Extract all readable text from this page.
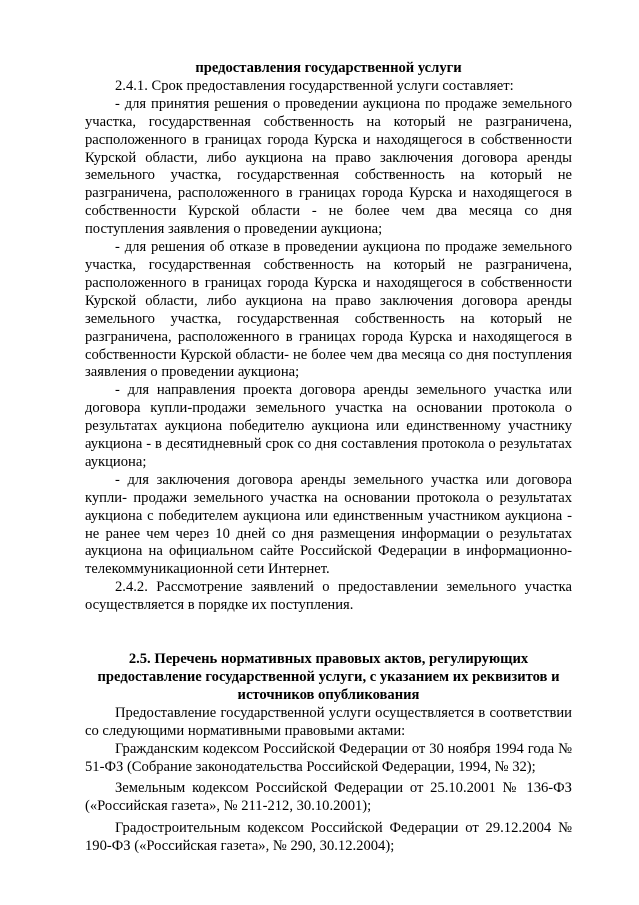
предоставления государственной услуги

2.4.1. Срок предоставления государственной услуги составляет:

- для принятия решения о проведении аукциона по продаже земельного участка, государственная собственность на который не разграничена, расположенного в границах города Курска и находящегося в собственности Курской области, либо аукциона на право заключения договора аренды земельного участка, государственная собственность на который не разграничена, расположенного в границах города Курска и находящегося в собственности Курской области - не более чем два месяца со дня поступления заявления о проведении аукциона;

- для решения об отказе в проведении аукциона по продаже земельного участка, государственная собственность на который не разграничена, расположенного в границах города Курска и находящегося в собственности Курской области, либо аукциона на право заключения договора аренды земельного участка, государственная собственность на который не разграничена, расположенного в границах города Курска и находящегося в собственности Курской области- не более чем два месяца со дня поступления заявления о проведении аукциона;

- для направления проекта договора аренды земельного участка или договора купли-продажи земельного участка на основании протокола о результатах аукциона победителю аукциона или единственному участнику аукциона - в десятидневный срок со дня составления протокола о результатах аукциона;

- для заключения договора аренды земельного участка или договора купли- продажи земельного участка на основании протокола о результатах аукциона с победителем аукциона или единственным участником аукциона - не ранее чем через 10 дней со дня размещения информации о результатах аукциона на официальном сайте Российской Федерации в информационно-телекоммуникационной сети Интернет.

2.4.2. Рассмотрение заявлений о предоставлении земельного участка осуществляется в порядке их поступления.

2.5. Перечень нормативных правовых актов, регулирующих предоставление государственной услуги, с указанием их реквизитов и источников опубликования

Предоставление государственной услуги осуществляется в соответствии со следующими нормативными правовыми актами:

Гражданским кодексом Российской Федерации от 30 ноября 1994 года № 51-ФЗ (Собрание законодательства Российской Федерации, 1994, № 32);

Земельным кодексом Российской Федерации от 25.10.2001 № 136-ФЗ («Российская газета», № 211-212, 30.10.2001);

Градостроительным кодексом Российской Федерации от 29.12.2004 № 190-ФЗ («Российская газета», № 290, 30.12.2004);
